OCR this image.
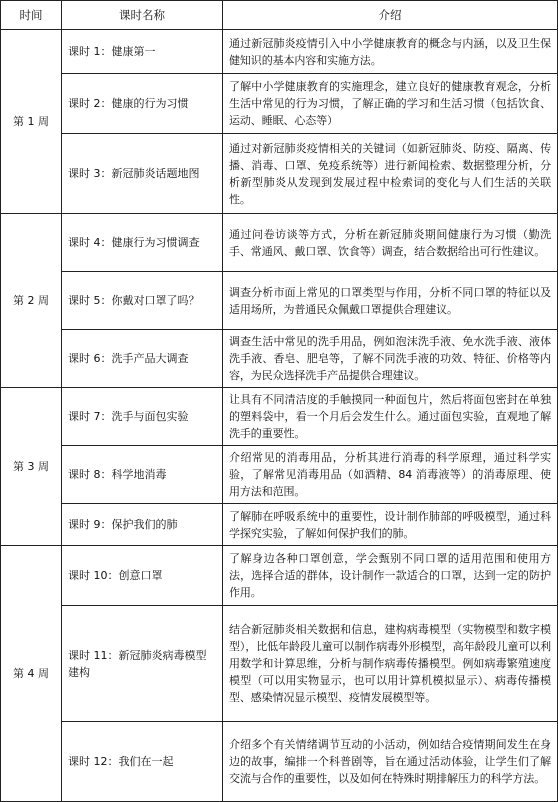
时间	课时名称	介绍
第 1 周	课时 1：健康第一	通过新冠肺炎疫情引入中小学健康教育的概念与内涵，以及卫生保健知识的基本内容和实施方法。
	课时 2：健康的行为习惯	了解中小学健康教育的实施理念，建立良好的健康教育观念，分析生活中常见的行为习惯，了解正确的学习和生活习惯（包括饮食、运动、睡眠、心态等）
	课时 3：新冠肺炎话题地图	通过对新冠肺炎疫情相关的关键词（如新冠肺炎、防疫、隔离、传播、消毒、口罩、免疫系统等）进行新闻检索、数据整理分析，分析新型肺炎从发现到发展过程中检索词的变化与人们生活的关联性。
第 2 周	课时 4：健康行为习惯调查	通过问卷访谈等方式，分析在新冠肺炎期间健康行为习惯（勤洗手、常通风、戴口罩、饮食等）调查，结合数据给出可行性建议。
	课时 5：你戴对口罩了吗？	调查分析市面上常见的口罩类型与作用，分析不同口罩的特征以及适用场所，为普通民众佩戴口罩提供合理建议。
	课时 6：洗手产品大调查	调查生活中常见的洗手用品，例如泡沫洗手液、免水洗手液、液体洗手液、香皂、肥皂等，了解不同洗手液的功效、特征、价格等内容，为民众选择洗手产品提供合理建议。
第 3 周	课时 7：洗手与面包实验	让具有不同清洁度的手触摸同一种面包片，然后将面包密封在单独的塑料袋中，看一个月后会发生什么。通过面包实验，直观地了解洗手的重要性。
	课时 8：科学地消毒	介绍常见的消毒用品，分析其进行消毒的科学原理，通过科学实验，了解常见消毒用品（如酒精、84 消毒液等）的消毒原理、使用方法和范围。
	课时 9：保护我们的肺	了解肺在呼吸系统中的重要性，设计制作肺部的呼吸模型，通过科学探究实验，了解如何保护我们的肺。
第 4 周	课时 10：创意口罩	了解身边各种口罩创意，学会甄别不同口罩的适用范围和使用方法，选择合适的群体，设计制作一款适合的口罩，达到一定的防护作用。
	课时 11：新冠肺炎病毒模型建构	结合新冠肺炎相关数据和信息，建构病毒模型（实物模型和数字模型），比低年龄段儿童可以制作病毒外形模型，高年龄段儿童可以利用数学和计算思维，分析与制作病毒传播模型。例如病毒繁殖速度模型（可以用实物显示，也可以用计算机模拟显示）、病毒传播模型、感染情况显示模型、疫情发展模型等。
	课时 12：我们在一起	介绍多个有关情绪调节互动的小活动，例如结合疫情期间发生在身边的故事，编排一个科普剧等，旨在通过活动体验，让学生们了解交流与合作的重要性，以及如何在特殊时期排解压力的科学方法。
